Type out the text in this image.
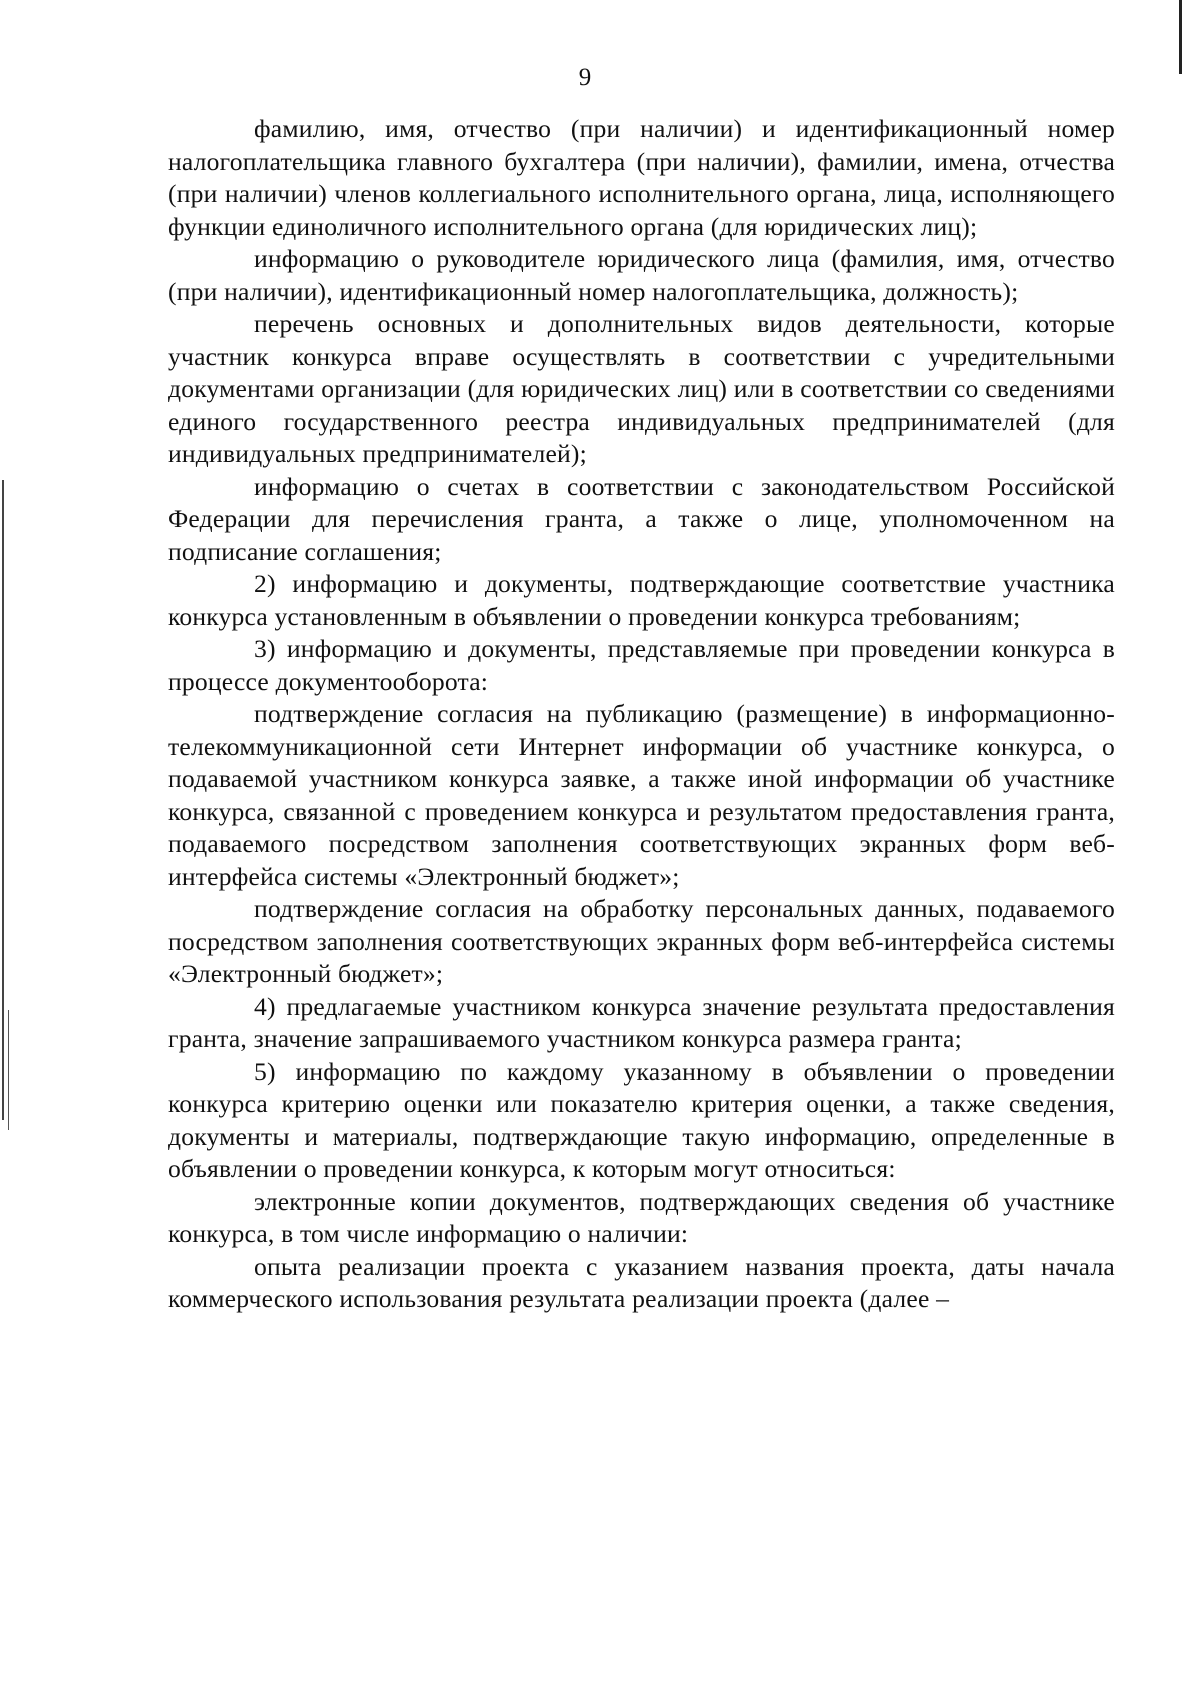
9

фамилию, имя, отчество (при наличии) и идентификационный номер налогоплательщика главного бухгалтера (при наличии), фамилии, имена, отчества (при наличии) членов коллегиального исполнительного органа, лица, исполняющего функции единоличного исполнительного органа (для юридических лиц);

информацию о руководителе юридического лица (фамилия, имя, отчество (при наличии), идентификационный номер налогоплательщика, должность);

перечень основных и дополнительных видов деятельности, которые участник конкурса вправе осуществлять в соответствии с учредительными документами организации (для юридических лиц) или в соответствии со сведениями единого государственного реестра индивидуальных предпринимателей (для индивидуальных предпринимателей);

информацию о счетах в соответствии с законодательством Российской Федерации для перечисления гранта, а также о лице, уполномоченном на подписание соглашения;

2) информацию и документы, подтверждающие соответствие участника конкурса установленным в объявлении о проведении конкурса требованиям;

3) информацию и документы, представляемые при проведении конкурса в процессе документооборота:

подтверждение согласия на публикацию (размещение) в информационно-телекоммуникационной сети Интернет информации об участнике конкурса, о подаваемой участником конкурса заявке, а также иной информации об участнике конкурса, связанной с проведением конкурса и результатом предоставления гранта, подаваемого посредством заполнения соответствующих экранных форм веб-интерфейса системы «Электронный бюджет»;

подтверждение согласия на обработку персональных данных, подаваемого посредством заполнения соответствующих экранных форм веб-интерфейса системы «Электронный бюджет»;

4) предлагаемые участником конкурса значение результата предоставления гранта, значение запрашиваемого участником конкурса размера гранта;

5) информацию по каждому указанному в объявлении о проведении конкурса критерию оценки или показателю критерия оценки, а также сведения, документы и материалы, подтверждающие такую информацию, определенные в объявлении о проведении конкурса, к которым могут относиться:

электронные копии документов, подтверждающих сведения об участнике конкурса, в том числе информацию о наличии:

опыта реализации проекта с указанием названия проекта, даты начала коммерческого использования результата реализации проекта (далее –
